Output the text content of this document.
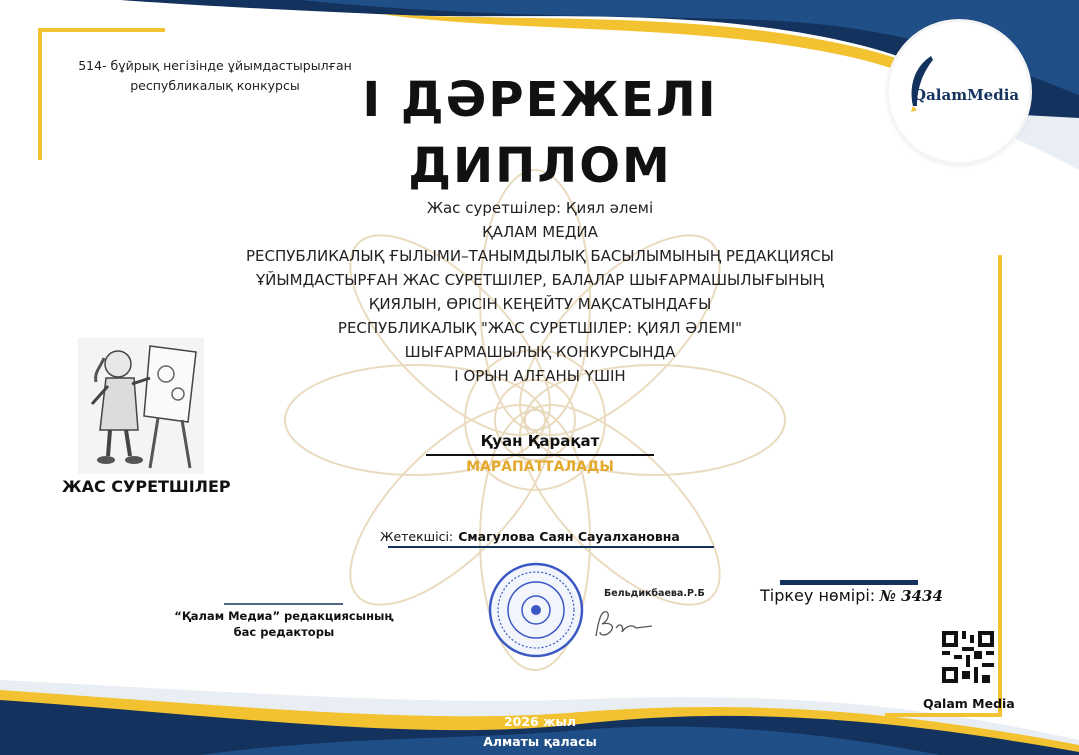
QalamMedia
514- бұйрық негізінде ұйымдастырылған
республикалық конкурсы	І ДӘРЕЖЕЛІ
ДИПЛОМ
Жас суретшілер: Қиял әлемі
ҚАЛАМ МЕДИА
РЕСПУБЛИКАЛЫҚ ҒЫЛЫМИ–ТАНЫМДЫЛЫҚ БАСЫЛЫМЫНЫҢ РЕДАКЦИЯСЫ
ҰЙЫМДАСТЫРҒАН ЖАС СУРЕТШІЛЕР, БАЛАЛАР ШЫҒАРМАШЫЛЫҒЫНЫҢ
ҚИЯЛЫН, ӨРІСІН КЕҢЕЙТУ МАҚСАТЫНДАҒЫ
РЕСПУБЛИКАЛЫҚ "ЖАС СУРЕТШІЛЕР: ҚИЯЛ ӘЛЕМІ"
ШЫҒАРМАШЫЛЫҚ КОНКУРСЫНДА
І ОРЫН АЛҒАНЫ ҮШІН
ЖАС СУРЕТШІЛЕР
Қуан Қарақат
МАРАПАТТАЛАДЫ
Жетекшісі: Смагулова Саян Сауалхановна
“Қалам Медиа” редакциясының
бас редакторы
Бельдикбаева.Р.Б	Тіркеу нөмірі: № 3434
Qalam Media
2026 жыл
Алматы қаласы
